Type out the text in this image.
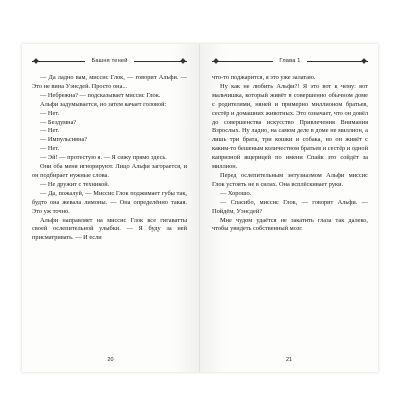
Башня теней

— Да ладно вам, миссис Глок, — говорит Альфи. — Это не вина Уэнсдей. Просто она...

— Небрежна? — подсказывает миссис Глок.

Альфи задумывается, но затем качает головой:

— Нет.

— Бездумна?

— Нет.

— Импульсивна?

— Нет.

— Эй! — протестую я. — Я сижу прямо здесь.

Они оба меня игнорируют. Лицо Альфи загорается, и он подбирает нужные слова.

— Не дружит с техникой.

— Да, пожалуй, — Миссис Глок поджимает губы так, будто она жевала лимоны. — Она определённо такая. Это уж точно.

Альфи направляет на миссис Глок все гигаватты своей ослепительной улыбки. — Я буду за ней присматривать. — И если

20
Глава 1

что-то поджарится, я это уже залатаю.

Ну как не любить Альфи?! Я это вот к чему: вот мальчишка, который живёт в совершенно обычном доме с родителями, няней и примерно миллионом братьев, сестёр и домашних животных. Это означает, что он довёл до совершенства искусство Привлечения Внимания Взрослых. Ну ладно, на самом деле в доме не миллион, а лишь три брата, три кошки и собака, но он живёт с каким-то бешеным количеством братьев и сестёр и одной капризной ящерицей по имени Спайк это сойдёт за миллион.

Перед ослепительным энтузиазмом Альфи миссис Глок устоять не в силах. Она всплёскивает руки.

— Хорошо.

— Спасибо, миссис Глок, — говорит Альфи. — Пойдём, Уэнсдей?

Мне чудом удаётся не закатить глаза так далеко, чтобы увидеть собственный мозг.

21
